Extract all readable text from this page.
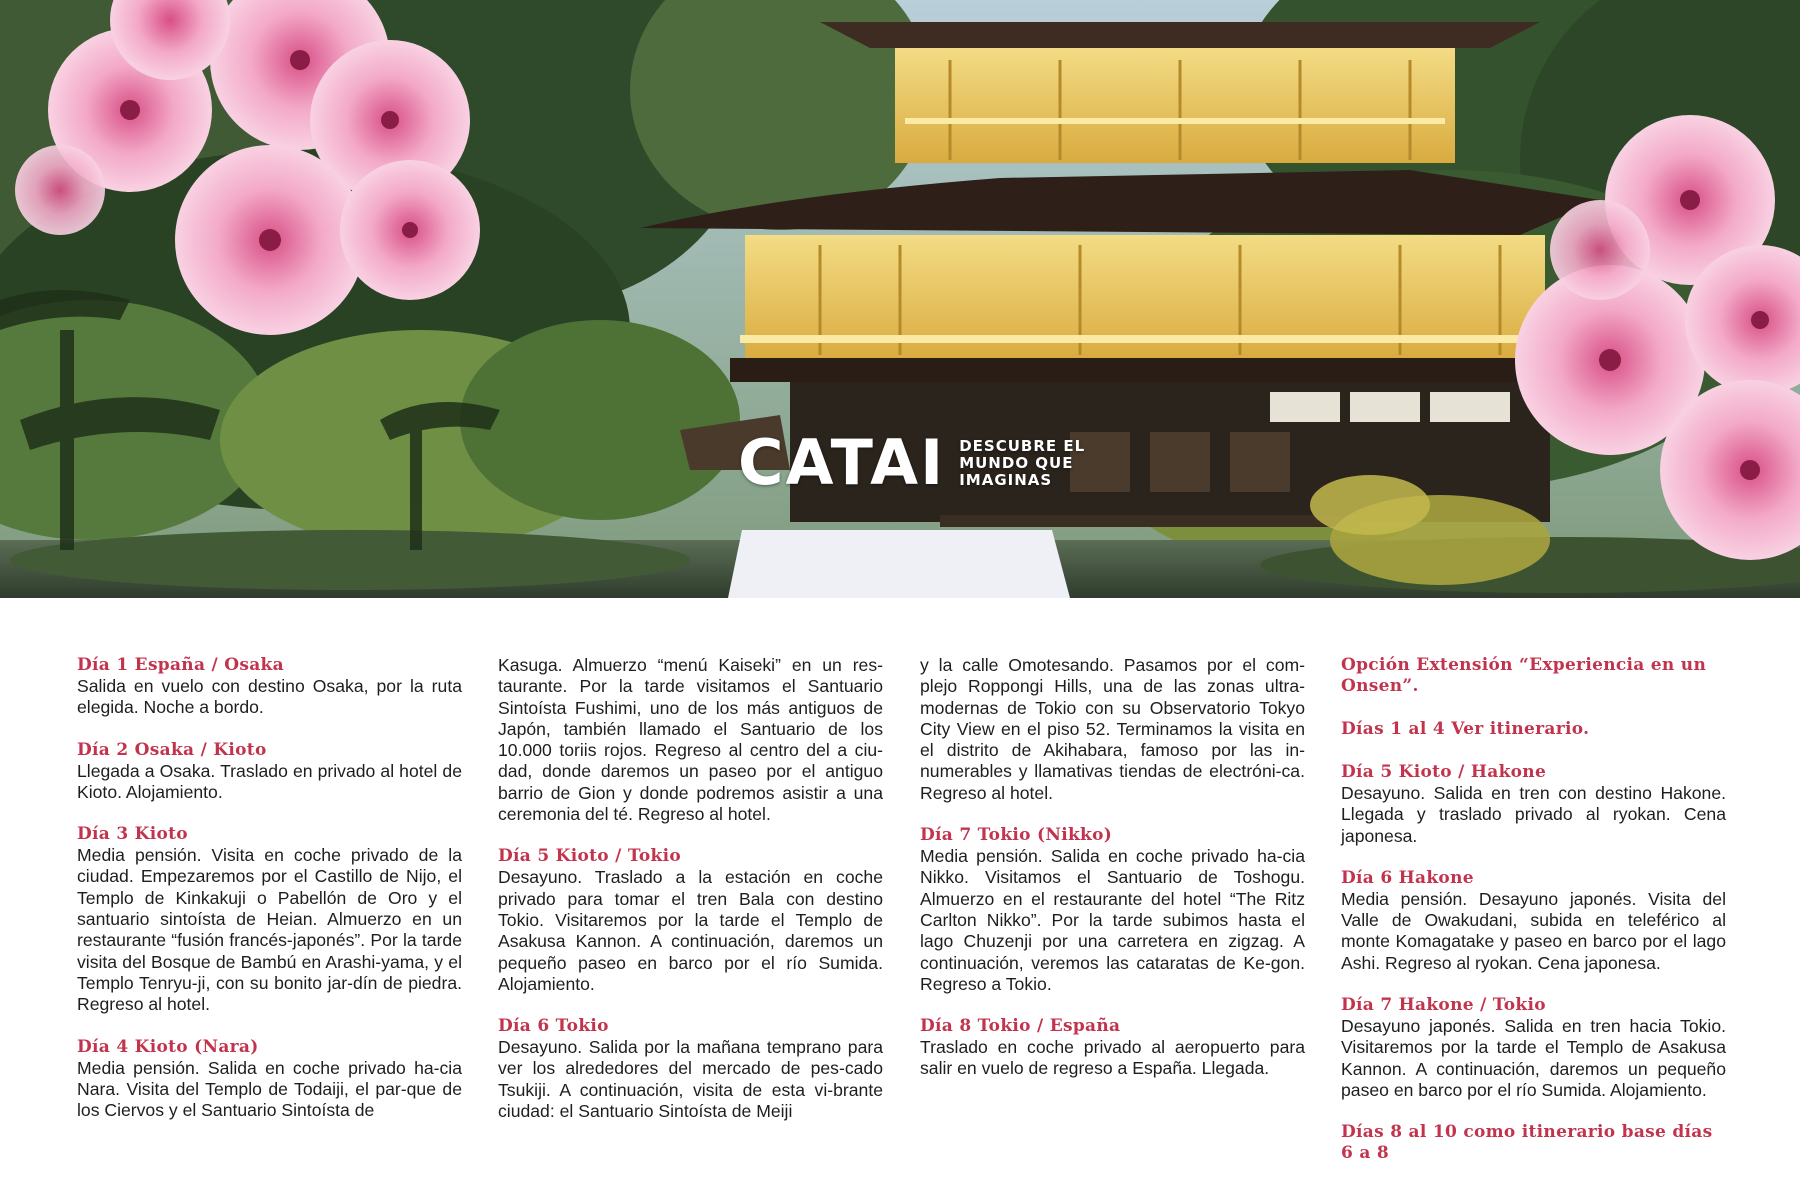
CATAI DESCUBRE EL
MUNDO QUE
IMAGINAS
Día 1 España / Osaka
Salida en vuelo con destino Osaka, por la ruta elegida. Noche a bordo.
Día 2 Osaka / Kioto
Llegada a Osaka. Traslado en privado al hotel de Kioto. Alojamiento.
Día 3 Kioto
Media pensión. Visita en coche privado de la ciudad. Empezaremos por el Castillo de Nijo, el Templo de Kinkakuji o Pabellón de Oro y el santuario sintoísta de Heian. Almuerzo en un restaurante “fusión francés-japonés”. Por la tarde visita del Bosque de Bambú en Arashi-yama, y el Templo Tenryu-ji, con su bonito jar-dín de piedra. Regreso al hotel.
Día 4 Kioto (Nara)
Media pensión. Salida en coche privado ha-cia Nara. Visita del Templo de Todaiji, el par-que de los Ciervos y el Santuario Sintoísta de
Kasuga. Almuerzo “menú Kaiseki” en un res-taurante. Por la tarde visitamos el Santuario Sintoísta Fushimi, uno de los más antiguos de Japón, también llamado el Santuario de los 10.000 toriis rojos. Regreso al centro del a ciu-dad, donde daremos un paseo por el antiguo barrio de Gion y donde podremos asistir a una ceremonia del té. Regreso al hotel.
Día 5 Kioto / Tokio
Desayuno. Traslado a la estación en coche privado para tomar el tren Bala con destino Tokio. Visitaremos por la tarde el Templo de Asakusa Kannon. A continuación, daremos un pequeño paseo en barco por el río Sumida. Alojamiento.
Día 6 Tokio
Desayuno. Salida por la mañana temprano para ver los alrededores del mercado de pes-cado Tsukiji. A continuación, visita de esta vi-brante ciudad: el Santuario Sintoísta de Meiji
y la calle Omotesando. Pasamos por el com-plejo Roppongi Hills, una de las zonas ultra-modernas de Tokio con su Observatorio Tokyo City View en el piso 52. Terminamos la visita en el distrito de Akihabara, famoso por las in-numerables y llamativas tiendas de electróni-ca. Regreso al hotel.
Día 7 Tokio (Nikko)
Media pensión. Salida en coche privado ha-cia Nikko. Visitamos el Santuario de Toshogu. Almuerzo en el restaurante del hotel “The Ritz Carlton Nikko”. Por la tarde subimos hasta el lago Chuzenji por una carretera en zigzag. A continuación, veremos las cataratas de Ke-gon. Regreso a Tokio.
Día 8 Tokio / España
Traslado en coche privado al aeropuerto para salir en vuelo de regreso a España. Llegada.
Opción Extensión “Experiencia en un Onsen”.
Días 1 al 4 Ver itinerario.
Día 5 Kioto / Hakone
Desayuno. Salida en tren con destino Hakone. Llegada y traslado privado al ryokan. Cena japonesa.
Día 6 Hakone
Media pensión. Desayuno japonés. Visita del Valle de Owakudani, subida en teleférico al monte Komagatake y paseo en barco por el lago Ashi. Regreso al ryokan. Cena japonesa.
Día 7 Hakone / Tokio
Desayuno japonés. Salida en tren hacia Tokio. Visitaremos por la tarde el Templo de Asakusa Kannon. A continuación, daremos un pequeño paseo en barco por el río Sumida. Alojamiento.
Días 8 al 10 como itinerario base días 6 a 8
